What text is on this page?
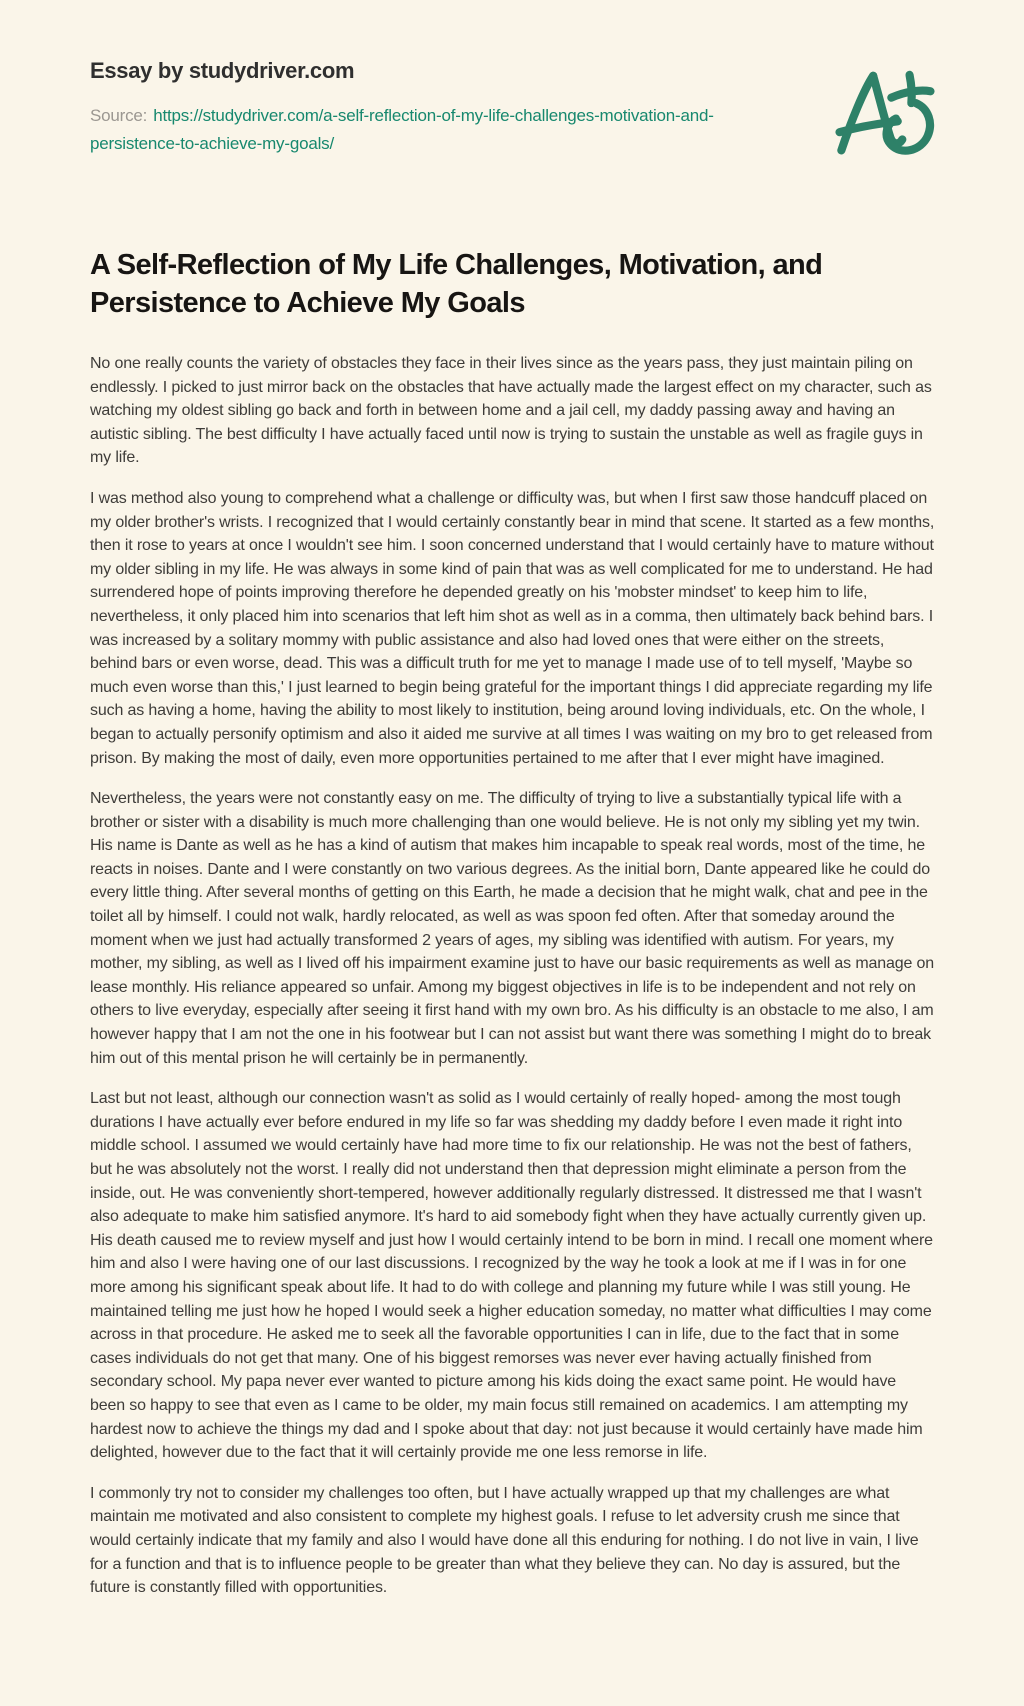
Essay by studydriver.com

Source: https://studydriver.com/a-self-reflection-of-my-life-challenges-motivation-and-persistence-to-achieve-my-goals/

A Self-Reflection of My Life Challenges, Motivation, and Persistence to Achieve My Goals

No one really counts the variety of obstacles they face in their lives since as the years pass, they just maintain piling on endlessly. I picked to just mirror back on the obstacles that have actually made the largest effect on my character, such as watching my oldest sibling go back and forth in between home and a jail cell, my daddy passing away and having an autistic sibling. The best difficulty I have actually faced until now is trying to sustain the unstable as well as fragile guys in my life.

I was method also young to comprehend what a challenge or difficulty was, but when I first saw those handcuff placed on my older brother's wrists. I recognized that I would certainly constantly bear in mind that scene. It started as a few months, then it rose to years at once I wouldn't see him. I soon concerned understand that I would certainly have to mature without my older sibling in my life. He was always in some kind of pain that was as well complicated for me to understand. He had surrendered hope of points improving therefore he depended greatly on his 'mobster mindset' to keep him to life, nevertheless, it only placed him into scenarios that left him shot as well as in a comma, then ultimately back behind bars. I was increased by a solitary mommy with public assistance and also had loved ones that were either on the streets, behind bars or even worse, dead. This was a difficult truth for me yet to manage I made use of to tell myself, 'Maybe so much even worse than this,' I just learned to begin being grateful for the important things I did appreciate regarding my life such as having a home, having the ability to most likely to institution, being around loving individuals, etc. On the whole, I began to actually personify optimism and also it aided me survive at all times I was waiting on my bro to get released from prison. By making the most of daily, even more opportunities pertained to me after that I ever might have imagined.

Nevertheless, the years were not constantly easy on me. The difficulty of trying to live a substantially typical life with a brother or sister with a disability is much more challenging than one would believe. He is not only my sibling yet my twin. His name is Dante as well as he has a kind of autism that makes him incapable to speak real words, most of the time, he reacts in noises. Dante and I were constantly on two various degrees. As the initial born, Dante appeared like he could do every little thing. After several months of getting on this Earth, he made a decision that he might walk, chat and pee in the toilet all by himself. I could not walk, hardly relocated, as well as was spoon fed often. After that someday around the moment when we just had actually transformed 2 years of ages, my sibling was identified with autism. For years, my mother, my sibling, as well as I lived off his impairment examine just to have our basic requirements as well as manage on lease monthly. His reliance appeared so unfair. Among my biggest objectives in life is to be independent and not rely on others to live everyday, especially after seeing it first hand with my own bro. As his difficulty is an obstacle to me also, I am however happy that I am not the one in his footwear but I can not assist but want there was something I might do to break him out of this mental prison he will certainly be in permanently.

Last but not least, although our connection wasn't as solid as I would certainly of really hoped- among the most tough durations I have actually ever before endured in my life so far was shedding my daddy before I even made it right into middle school. I assumed we would certainly have had more time to fix our relationship. He was not the best of fathers, but he was absolutely not the worst. I really did not understand then that depression might eliminate a person from the inside, out. He was conveniently short-tempered, however additionally regularly distressed. It distressed me that I wasn't also adequate to make him satisfied anymore. It's hard to aid somebody fight when they have actually currently given up. His death caused me to review myself and just how I would certainly intend to be born in mind. I recall one moment where him and also I were having one of our last discussions. I recognized by the way he took a look at me if I was in for one more among his significant speak about life. It had to do with college and planning my future while I was still young. He maintained telling me just how he hoped I would seek a higher education someday, no matter what difficulties I may come across in that procedure. He asked me to seek all the favorable opportunities I can in life, due to the fact that in some cases individuals do not get that many. One of his biggest remorses was never ever having actually finished from secondary school. My papa never ever wanted to picture among his kids doing the exact same point. He would have been so happy to see that even as I came to be older, my main focus still remained on academics. I am attempting my hardest now to achieve the things my dad and I spoke about that day: not just because it would certainly have made him delighted, however due to the fact that it will certainly provide me one less remorse in life.

I commonly try not to consider my challenges too often, but I have actually wrapped up that my challenges are what maintain me motivated and also consistent to complete my highest goals. I refuse to let adversity crush me since that would certainly indicate that my family and also I would have done all this enduring for nothing. I do not live in vain, I live for a function and that is to influence people to be greater than what they believe they can. No day is assured, but the future is constantly filled with opportunities.
